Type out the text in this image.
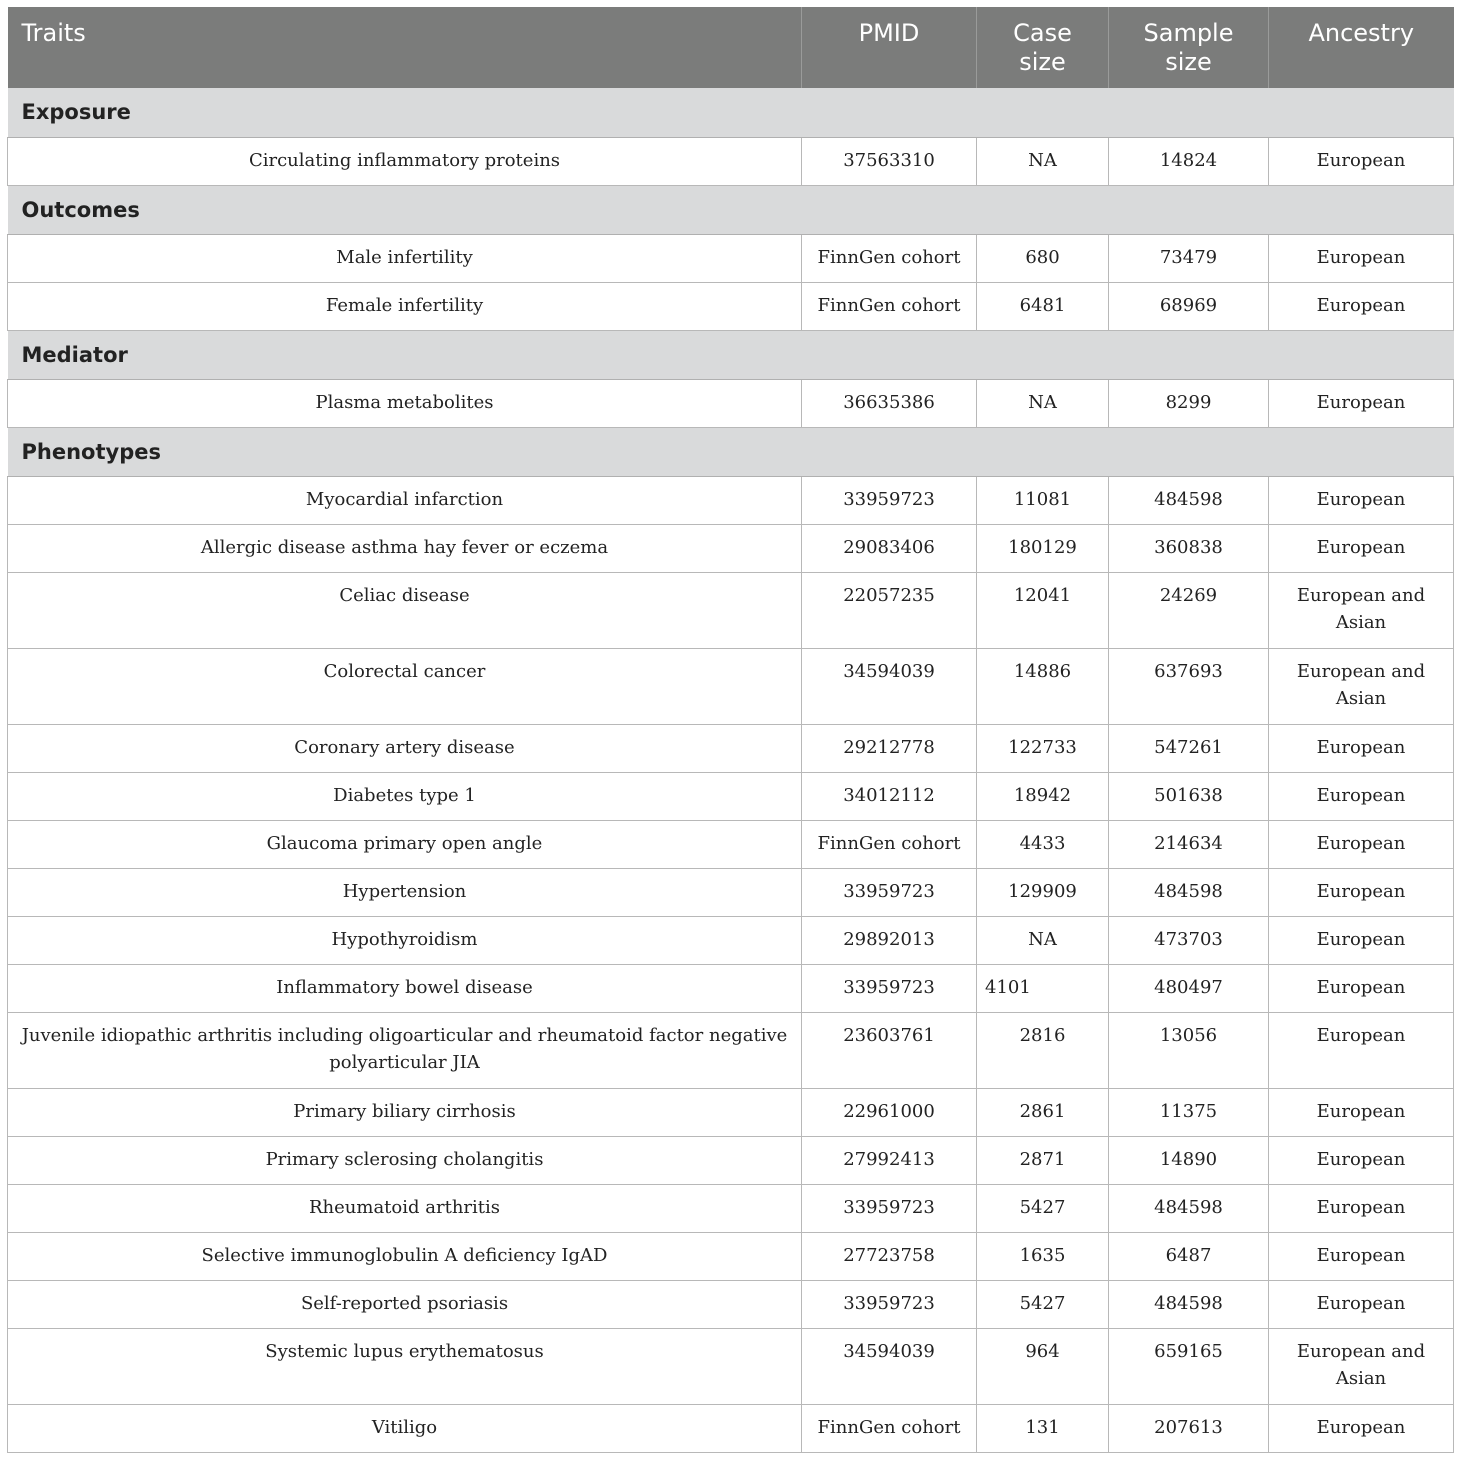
Traits	PMID	Case size	Sample size	Ancestry
Exposure				
Circulating inflammatory proteins	37563310	NA	14824	European
Outcomes				
Male infertility	FinnGen cohort	680	73479	European
Female infertility	FinnGen cohort	6481	68969	European
Mediator				
Plasma metabolites	36635386	NA	8299	European
Phenotypes				
Myocardial infarction	33959723	11081	484598	European
Allergic disease asthma hay fever or eczema	29083406	180129	360838	European
Celiac disease	22057235	12041	24269	European and Asian
Colorectal cancer	34594039	14886	637693	European and Asian
Coronary artery disease	29212778	122733	547261	European
Diabetes type 1	34012112	18942	501638	European
Glaucoma primary open angle	FinnGen cohort	4433	214634	European
Hypertension	33959723	129909	484598	European
Hypothyroidism	29892013	NA	473703	European
Inflammatory bowel disease	33959723	4101	480497	European
Juvenile idiopathic arthritis including oligoarticular and rheumatoid factor negative polyarticular JIA	23603761	2816	13056	European
Primary biliary cirrhosis	22961000	2861	11375	European
Primary sclerosing cholangitis	27992413	2871	14890	European
Rheumatoid arthritis	33959723	5427	484598	European
Selective immunoglobulin A deficiency IgAD	27723758	1635	6487	European
Self-reported psoriasis	33959723	5427	484598	European
Systemic lupus erythematosus	34594039	964	659165	European and Asian
Vitiligo	FinnGen cohort	131	207613	European
